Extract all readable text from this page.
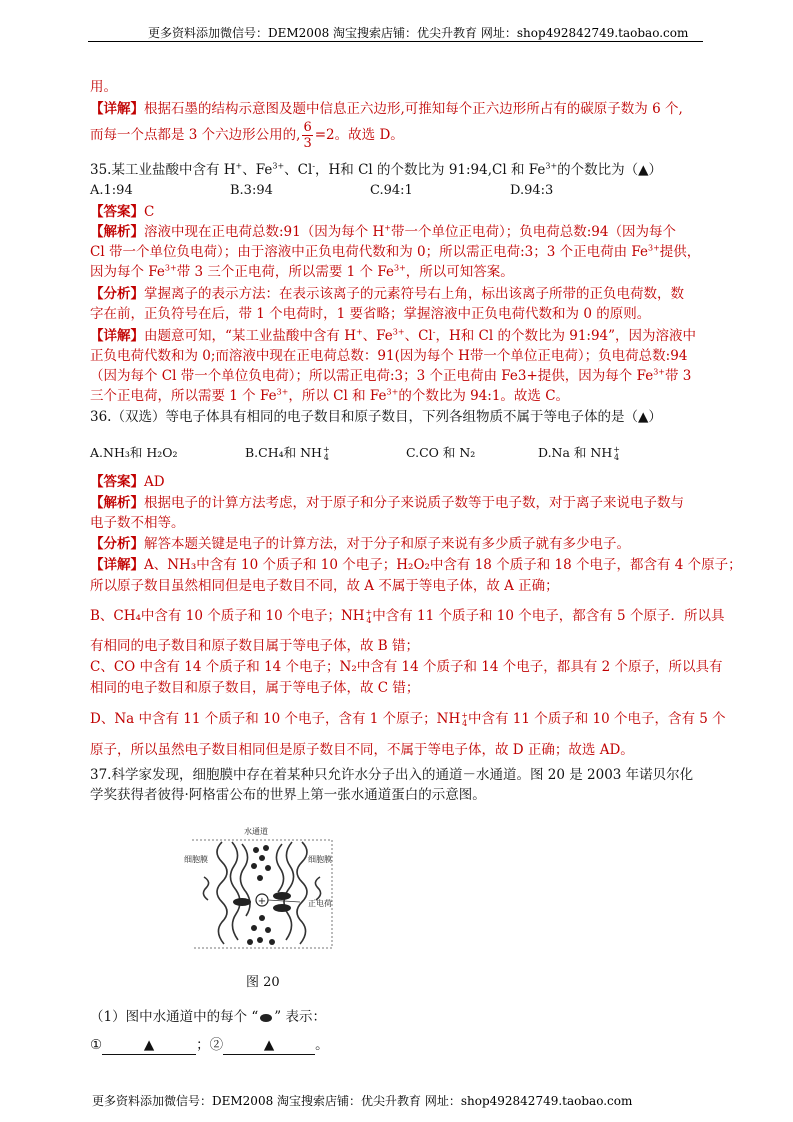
更多资料添加微信号：DEM2008 淘宝搜索店铺：优尖升教育 网址：shop492842749.taobao.com
用。
【详解】根据石墨的结构示意图及题中信息正六边形,可推知每个正六边形所占有的碳原子数为 6 个,
而每一个点都是 3 个六边形公用的, $\frac{6}{3} =2$。故选 D。
35.某工业盐酸中含有 H+、$Fe^{3+}$、Cl-，H和 Cl 的个数比为 91:94,Cl 和 $Fe^{3+}$的个数比为（▲）
A.1:94	B.3:94	C.94:1	D.94:3
【答案】C
【解析】溶液中现在正电荷总数:91（因为每个 H+带一个单位正电荷）；负电荷总数:94（因为每个
Cl 带一个单位负电荷）；由于溶液中正负电荷代数和为 0；所以需正电荷:3；3 个正电荷由 $Fe^{3+}$提供，
因为每个 $Fe^{3+}$带 3 三个正电荷，所以需要 1 个 $Fe^{3+}$，所以可知答案。
【分析】掌握离子的表示方法：在表示该离子的元素符号右上角，标出该离子所带的正负电荷数，数
字在前，正负符号在后，带 1 个电荷时，1 要省略；掌握溶液中正负电荷代数和为 0 的原则。
【详解】由题意可知，“某工业盐酸中含有 H+、$Fe^{3+}$、Cl-，H和 Cl 的个数比为 91:94”，因为溶液中
正负电荷代数和为 0;而溶液中现在正电荷总数：91(因为每个 H带一个单位正电荷）；负电荷总数:94
（因为每个 Cl 带一个单位负电荷）；所以需正电荷:3；3 个正电荷由 Fe3+提供，因为每个 $Fe^{3+}$带 3
三个正电荷，所以需要 1 个 $Fe^{3+}$，所以 Cl 和 $Fe^{3+}$的个数比为 94:1。故选 C。
36.（双选）等电子体具有相同的电子数目和原子数目，下列各组物质不属于等电子体的是（▲）
A.NH₃和 H₂O₂	B.CH₄和 NH +
4	C.CO 和 N₂	D.Na 和 NH +
4
【答案】AD
【解析】根据电子的计算方法考虑，对于原子和分子来说质子数等于电子数，对于离子来说电子数与
电子数不相等。
【分析】解答本题关键是电子的计算方法，对于分子和原子来说有多少质子就有多少电子。
【详解】A、NH₃中含有 10 个质子和 10 个电子；H₂O₂中含有 18 个质子和 18 个电子，都含有 4 个原子；
所以原子数目虽然相同但是电子数目不同，故 A 不属于等电子体，故 A 正确；
B、CH₄中含有 10 个质子和 10 个电子；NH +
4 中含有 11 个质子和 10 个电子，都含有 5 个原子．所以具
有相同的电子数目和原子数目属于等电子体，故 B 错；
C、CO 中含有 14 个质子和 14 个电子；N₂中含有 14 个质子和 14 个电子，都具有 2 个原子，所以具有
相同的电子数目和原子数目，属于等电子体，故 C 错；
D、Na 中含有 11 个质子和 10 个电子，含有 1 个原子；NH +
4 中含有 11 个质子和 10 个电子，含有 5 个
原子，所以虽然电子数目相同但是原子数目不同，不属于等电子体，故 D 正确；故选 AD。
37.科学家发现，细胞膜中存在着某种只允许水分子出入的通道－水通道。图 20 是 2003 年诺贝尔化
学奖获得者彼得·阿格雷公布的世界上第一张水通道蛋白的示意图。
+
水通道
细胞膜	细胞膜
正电荷
图 20
（1）图中水通道中的每个 “ ” 表示：
①	▲	；②	▲	。
更多资料添加微信号：DEM2008 淘宝搜索店铺：优尖升教育 网址：shop492842749.taobao.com
